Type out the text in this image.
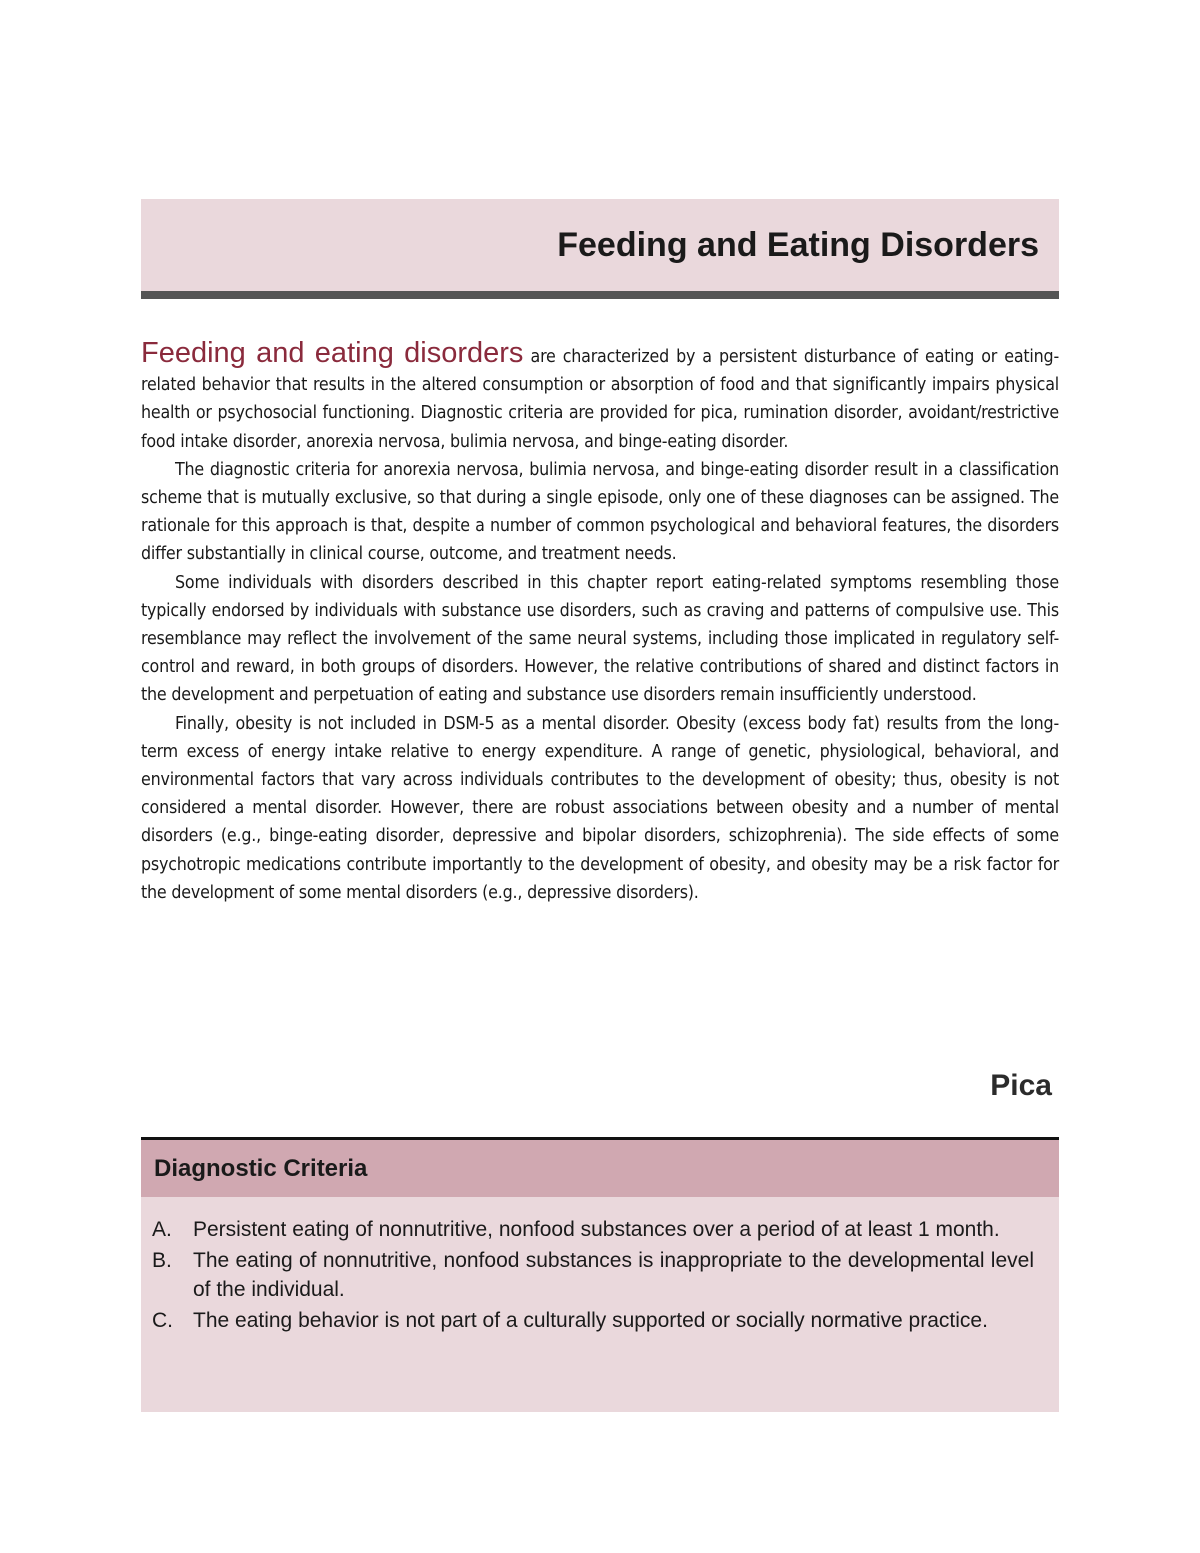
Feeding and Eating Disorders

Feeding and eating disorders are characterized by a persistent disturbance of eating or eating-related behavior that results in the altered consumption or absorption of food and that significantly impairs physical health or psychosocial functioning. Diagnostic criteria are provided for pica, rumination disorder, avoidant/restrictive food intake disorder, anorexia nervosa, bulimia nervosa, and binge-eating disorder.

The diagnostic criteria for anorexia nervosa, bulimia nervosa, and binge-eating disorder result in a classification scheme that is mutually exclusive, so that during a single episode, only one of these diagnoses can be assigned. The rationale for this approach is that, despite a number of common psychological and behavioral features, the disorders differ substantially in clinical course, outcome, and treatment needs.

Some individuals with disorders described in this chapter report eating-related symptoms resembling those typically endorsed by individuals with substance use disorders, such as craving and patterns of compulsive use. This resemblance may reflect the involvement of the same neural systems, including those implicated in regulatory self-control and reward, in both groups of disorders. However, the relative contributions of shared and distinct factors in the development and perpetuation of eating and substance use disorders remain insufficiently understood.

Finally, obesity is not included in DSM-5 as a mental disorder. Obesity (excess body fat) results from the long-term excess of energy intake relative to energy expenditure. A range of genetic, physiological, behavioral, and environmental factors that vary across individuals contributes to the development of obesity; thus, obesity is not considered a mental disorder. However, there are robust associations between obesity and a number of mental disorders (e.g., binge-eating disorder, depressive and bipolar disorders, schizophrenia). The side effects of some psychotropic medications contribute importantly to the development of obesity, and obesity may be a risk factor for the development of some mental disorders (e.g., depressive disorders).

Pica
Diagnostic Criteria
A. Persistent eating of nonnutritive, nonfood substances over a period of at least 1 month.
B. The eating of nonnutritive, nonfood substances is inappropriate to the developmental level of the individual.
C. The eating behavior is not part of a culturally supported or socially normative practice.
